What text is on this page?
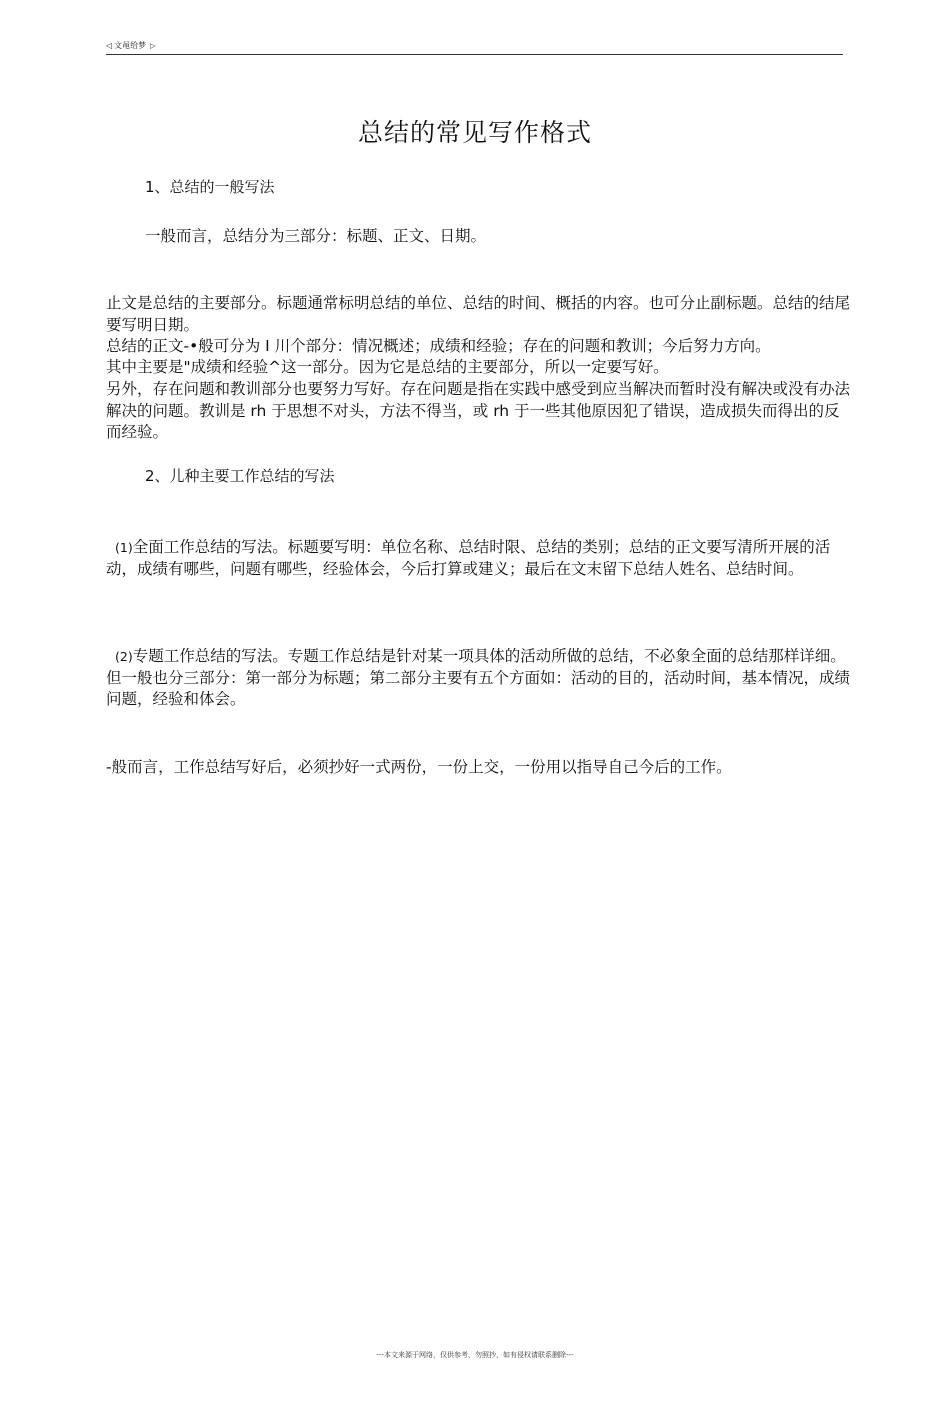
◁ 文黾给梦 ▷
总结的常见写作格式

1、总结的一般写法

一般而言，总结分为三部分：标题、正文、日期。

止文是总结的主要部分。标题通常标明总结的单位、总结的时间、概括的内容。也可分止副标题。总结的结尾要写明日期。

总结的正文-•般可分为 I 川个部分：情况概述；成绩和经验；存在的问题和教训；今后努力方向。

其中主要是"成绩和经验^这一部分。因为它是总结的主要部分，所以一定要写好。

另外，存在问题和教训部分也要努力写好。存在问题是指在实践中感受到应当解决而暂时没有解决或没有办法解决的问题。教训是 rh 于思想不对头，方法不得当，或 rh 于一些其他原因犯了错误，造成损失而得出的反而经验。

2、儿种主要工作总结的写法

(1)全面工作总结的写法。标题要写明：单位名称、总结时限、总结的类别；总结的正文要写清所开展的活动，成绩有哪些，问题有哪些，经验体会，今后打算或建义；最后在文末留下总结人姓名、总结时间。

(2)专题工作总结的写法。专题工作总结是针对某一项具体的活动所做的总结，不必象全面的总结那样详细。但一般也分三部分：第一部分为标题；第二部分主要有五个方面如：活动的目的，活动时间，基本情况，成绩问题，经验和体会。

-般而言，工作总结写好后，必须抄好一式两份，一份上交，一份用以指导自己今后的工作。

---本文来源于网络，仅供参考，勿照抄，如有侵权请联系删除---
